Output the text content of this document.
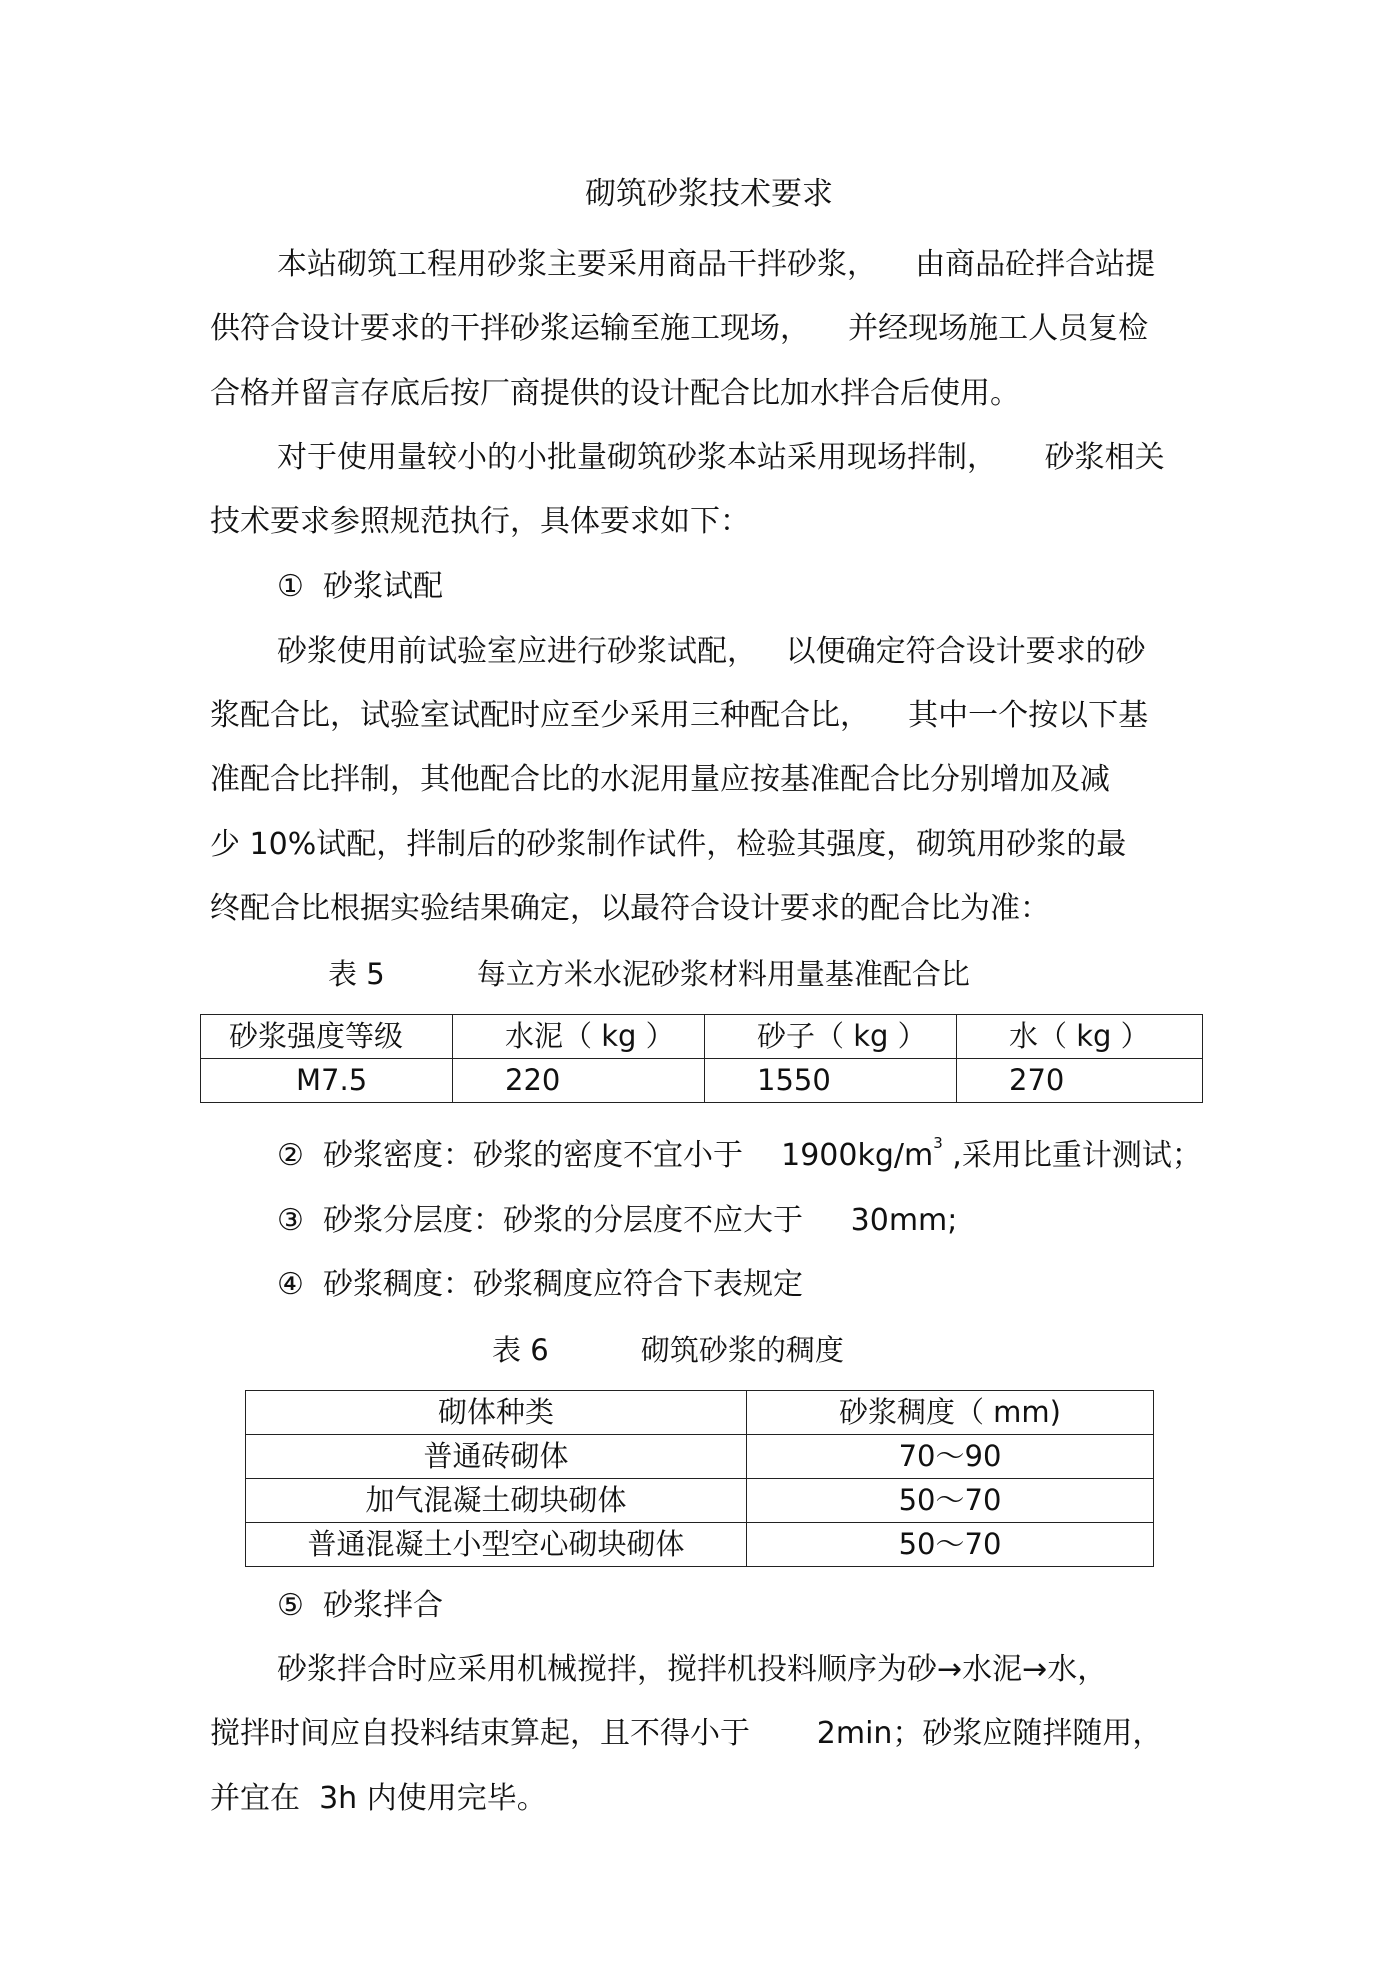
砌筑砂浆技术要求
本站砌筑工程用砂浆主要采用商品干拌砂浆，    由商品砼拌合站提
供符合设计要求的干拌砂浆运输至施工现场，    并经现场施工人员复检
合格并留言存底后按厂商提供的设计配合比加水拌合后使用。
对于使用量较小的小批量砌筑砂浆本站采用现场拌制，     砂浆相关
技术要求参照规范执行，具体要求如下：
①  砂浆试配
砂浆使用前试验室应进行砂浆试配，   以便确定符合设计要求的砂
浆配合比，试验室试配时应至少采用三种配合比，    其中一个按以下基
准配合比拌制，其他配合比的水泥用量应按基准配合比分别增加及减
少 10%试配，拌制后的砂浆制作试件，检验其强度，砌筑用砂浆的最
终配合比根据实验结果确定，以最符合设计要求的配合比为准：
表 5          每立方米水泥砂浆材料用量基准配合比
砂浆强度等级	水泥（ kg ）	砂子（ kg ）	水（ kg ）
M7.5	220	1550	270
②  砂浆密度：砂浆的密度不宜小于    $1900kg/m^3$ ,采用比重计测试；
③  砂浆分层度：砂浆的分层度不应大于     30mm;
④  砂浆稠度：砂浆稠度应符合下表规定
表 6          砌筑砂浆的稠度
砌体种类	砂浆稠度（ mm)
普通砖砌体	70～90
加气混凝土砌块砌体	50～70
普通混凝土小型空心砌块砌体	50～70
⑤  砂浆拌合
砂浆拌合时应采用机械搅拌，搅拌机投料顺序为砂→水泥→水，
搅拌时间应自投料结束算起，且不得小于       2min；砂浆应随拌随用，
并宜在  3h 内使用完毕。
